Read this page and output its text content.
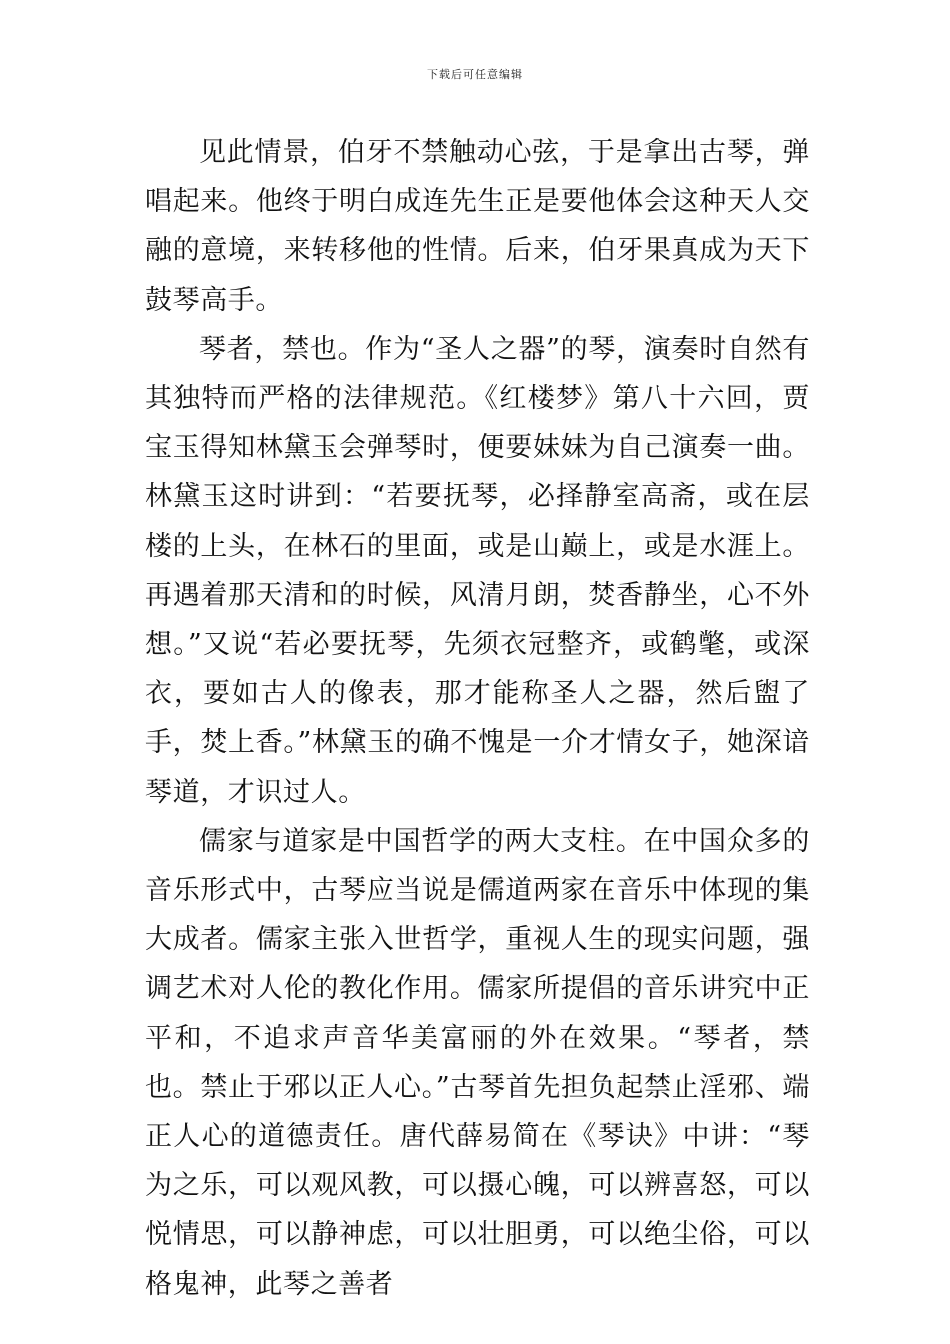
下载后可任意编辑

见此情景，伯牙不禁触动心弦，于是拿出古琴，弹唱起来。他终于明白成连先生正是要他体会这种天人交融的意境，来转移他的性情。后来，伯牙果真成为天下鼓琴高手。

琴者，禁也。作为“圣人之器”的琴，演奏时自然有其独特而严格的法律规范。《红楼梦》第八十六回，贾宝玉得知林黛玉会弹琴时，便要妹妹为自己演奏一曲。林黛玉这时讲到：“若要抚琴，必择静室高斋，或在层楼的上头，在林石的里面，或是山巅上，或是水涯上。再遇着那天清和的时候，风清月朗，焚香静坐，心不外想。”又说“若必要抚琴，先须衣冠整齐，或鹤氅，或深衣，要如古人的像表，那才能称圣人之器，然后盥了手，焚上香。”林黛玉的确不愧是一介才情女子，她深谙琴道，才识过人。

儒家与道家是中国哲学的两大支柱。在中国众多的音乐形式中，古琴应当说是儒道两家在音乐中体现的集大成者。儒家主张入世哲学，重视人生的现实问题，强调艺术对人伦的教化作用。儒家所提倡的音乐讲究中正平和，不追求声音华美富丽的外在效果。“琴者，禁也。禁止于邪以正人心。”古琴首先担负起禁止淫邪、端正人心的道德责任。唐代薛易简在《琴诀》中讲：“琴为之乐，可以观风教，可以摄心魄，可以辨喜怒，可以悦情思，可以静神虑，可以壮胆勇，可以绝尘俗，可以格鬼神，此琴之善者
